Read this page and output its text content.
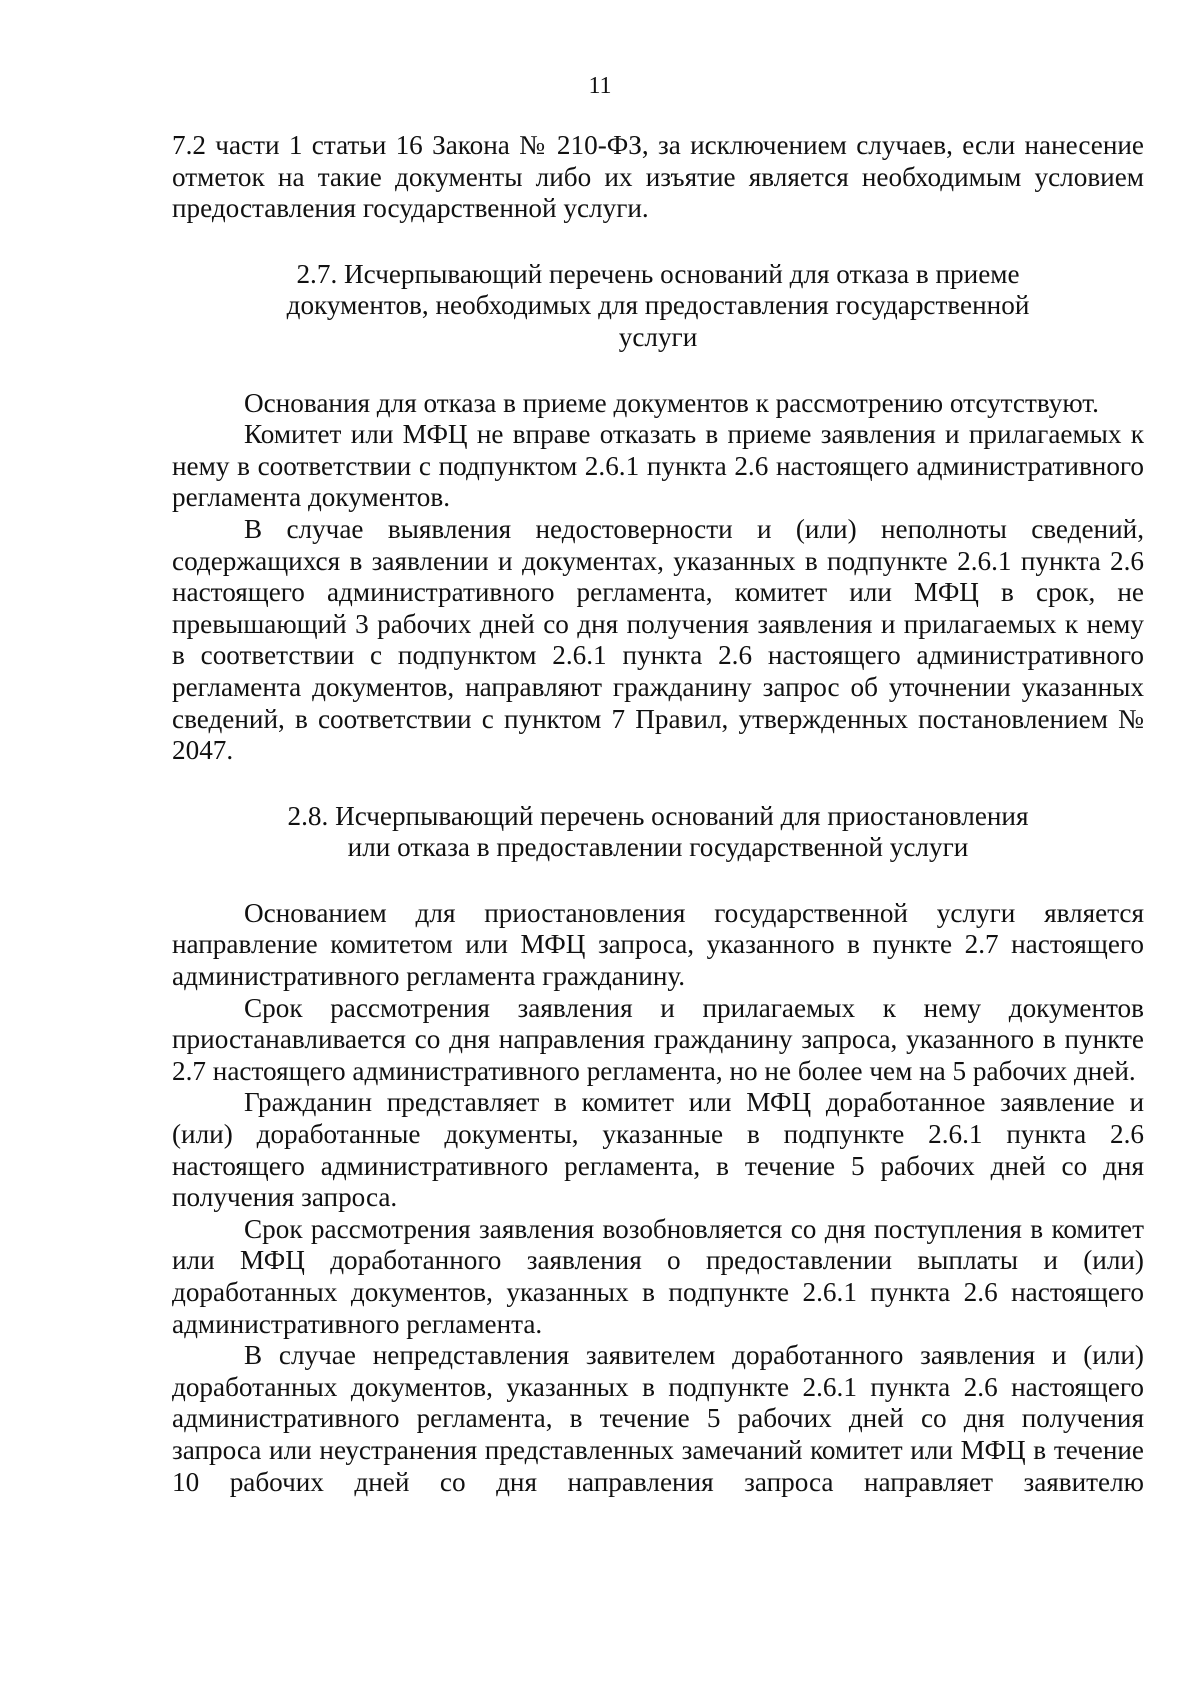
11

7.2 части 1 статьи 16 Закона № 210-ФЗ, за исключением случаев, если нанесение отметок на такие документы либо их изъятие является необходимым условием предоставления государственной услуги.

2.7. Исчерпывающий перечень оснований для отказа в приеме
документов, необходимых для предоставления государственной
услуги

Основания для отказа в приеме документов к рассмотрению отсутствуют.

Комитет или МФЦ не вправе отказать в приеме заявления и прилагаемых к нему в соответствии с подпунктом 2.6.1 пункта 2.6 настоящего административного регламента документов.

В случае выявления недостоверности и (или) неполноты сведений, содержащихся в заявлении и документах, указанных в подпункте 2.6.1 пункта 2.6 настоящего административного регламента, комитет или МФЦ в срок, не превышающий 3 рабочих дней со дня получения заявления и прилагаемых к нему в соответствии с подпунктом 2.6.1 пункта 2.6 настоящего административного регламента документов, направляют гражданину запрос об уточнении указанных сведений, в соответствии с пунктом 7 Правил, утвержденных постановлением № 2047.

2.8. Исчерпывающий перечень оснований для приостановления
или отказа в предоставлении государственной услуги

Основанием для приостановления государственной услуги является направление комитетом или МФЦ запроса, указанного в пункте 2.7 настоящего административного регламента гражданину.

Срок рассмотрения заявления и прилагаемых к нему документов приостанавливается со дня направления гражданину запроса, указанного в пункте 2.7 настоящего административного регламента, но не более чем на 5 рабочих дней.

Гражданин представляет в комитет или МФЦ доработанное заявление и (или) доработанные документы, указанные в подпункте 2.6.1 пункта 2.6 настоящего административного регламента, в течение 5 рабочих дней со дня получения запроса.

Срок рассмотрения заявления возобновляется со дня поступления в комитет или МФЦ доработанного заявления о предоставлении выплаты и (или) доработанных документов, указанных в подпункте 2.6.1 пункта 2.6 настоящего административного регламента.

В случае непредставления заявителем доработанного заявления и (или) доработанных документов, указанных в подпункте 2.6.1 пункта 2.6 настоящего административного регламента, в течение 5 рабочих дней со дня получения запроса или неустранения представленных замечаний комитет или МФЦ в течение 10 рабочих дней со дня направления запроса направляет заявителю
